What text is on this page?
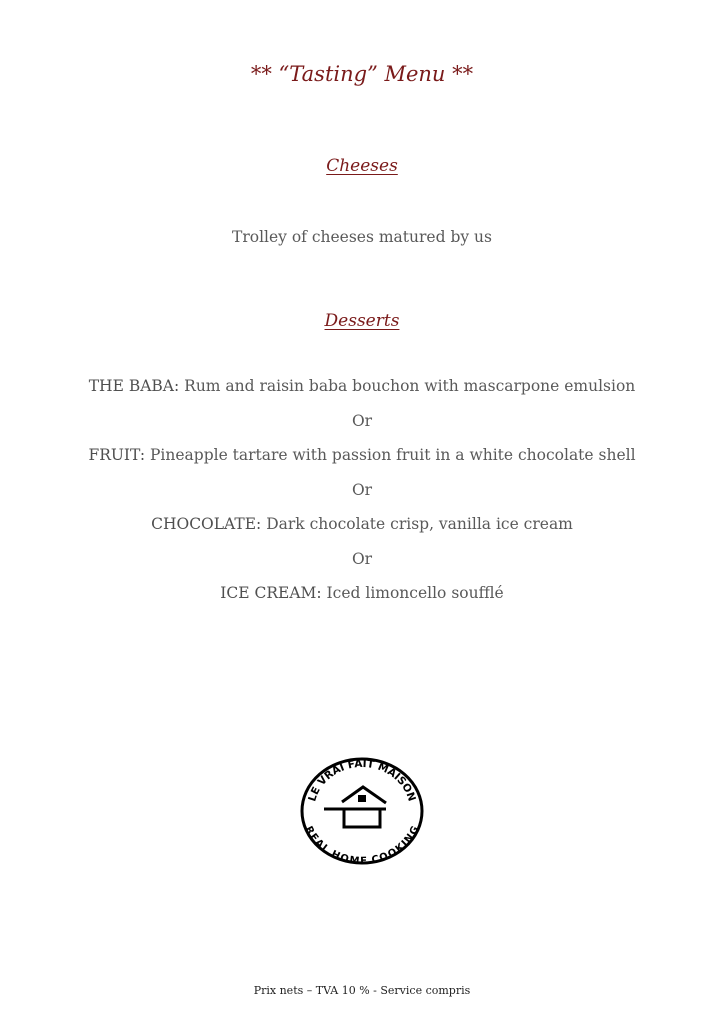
** “Tasting” Menu **
Cheeses
Trolley of cheeses matured by us
Desserts
THE BABA: Rum and raisin baba bouchon with mascarpone emulsion
Or
FRUIT: Pineapple tartare with passion fruit in a white chocolate shell
Or
CHOCOLATE: Dark chocolate crisp, vanilla ice cream
Or
ICE CREAM: Iced limoncello soufflé
LE VRAI FAIT MAISON
REAL HOME COOKING
Prix nets – TVA 10 % - Service compris
